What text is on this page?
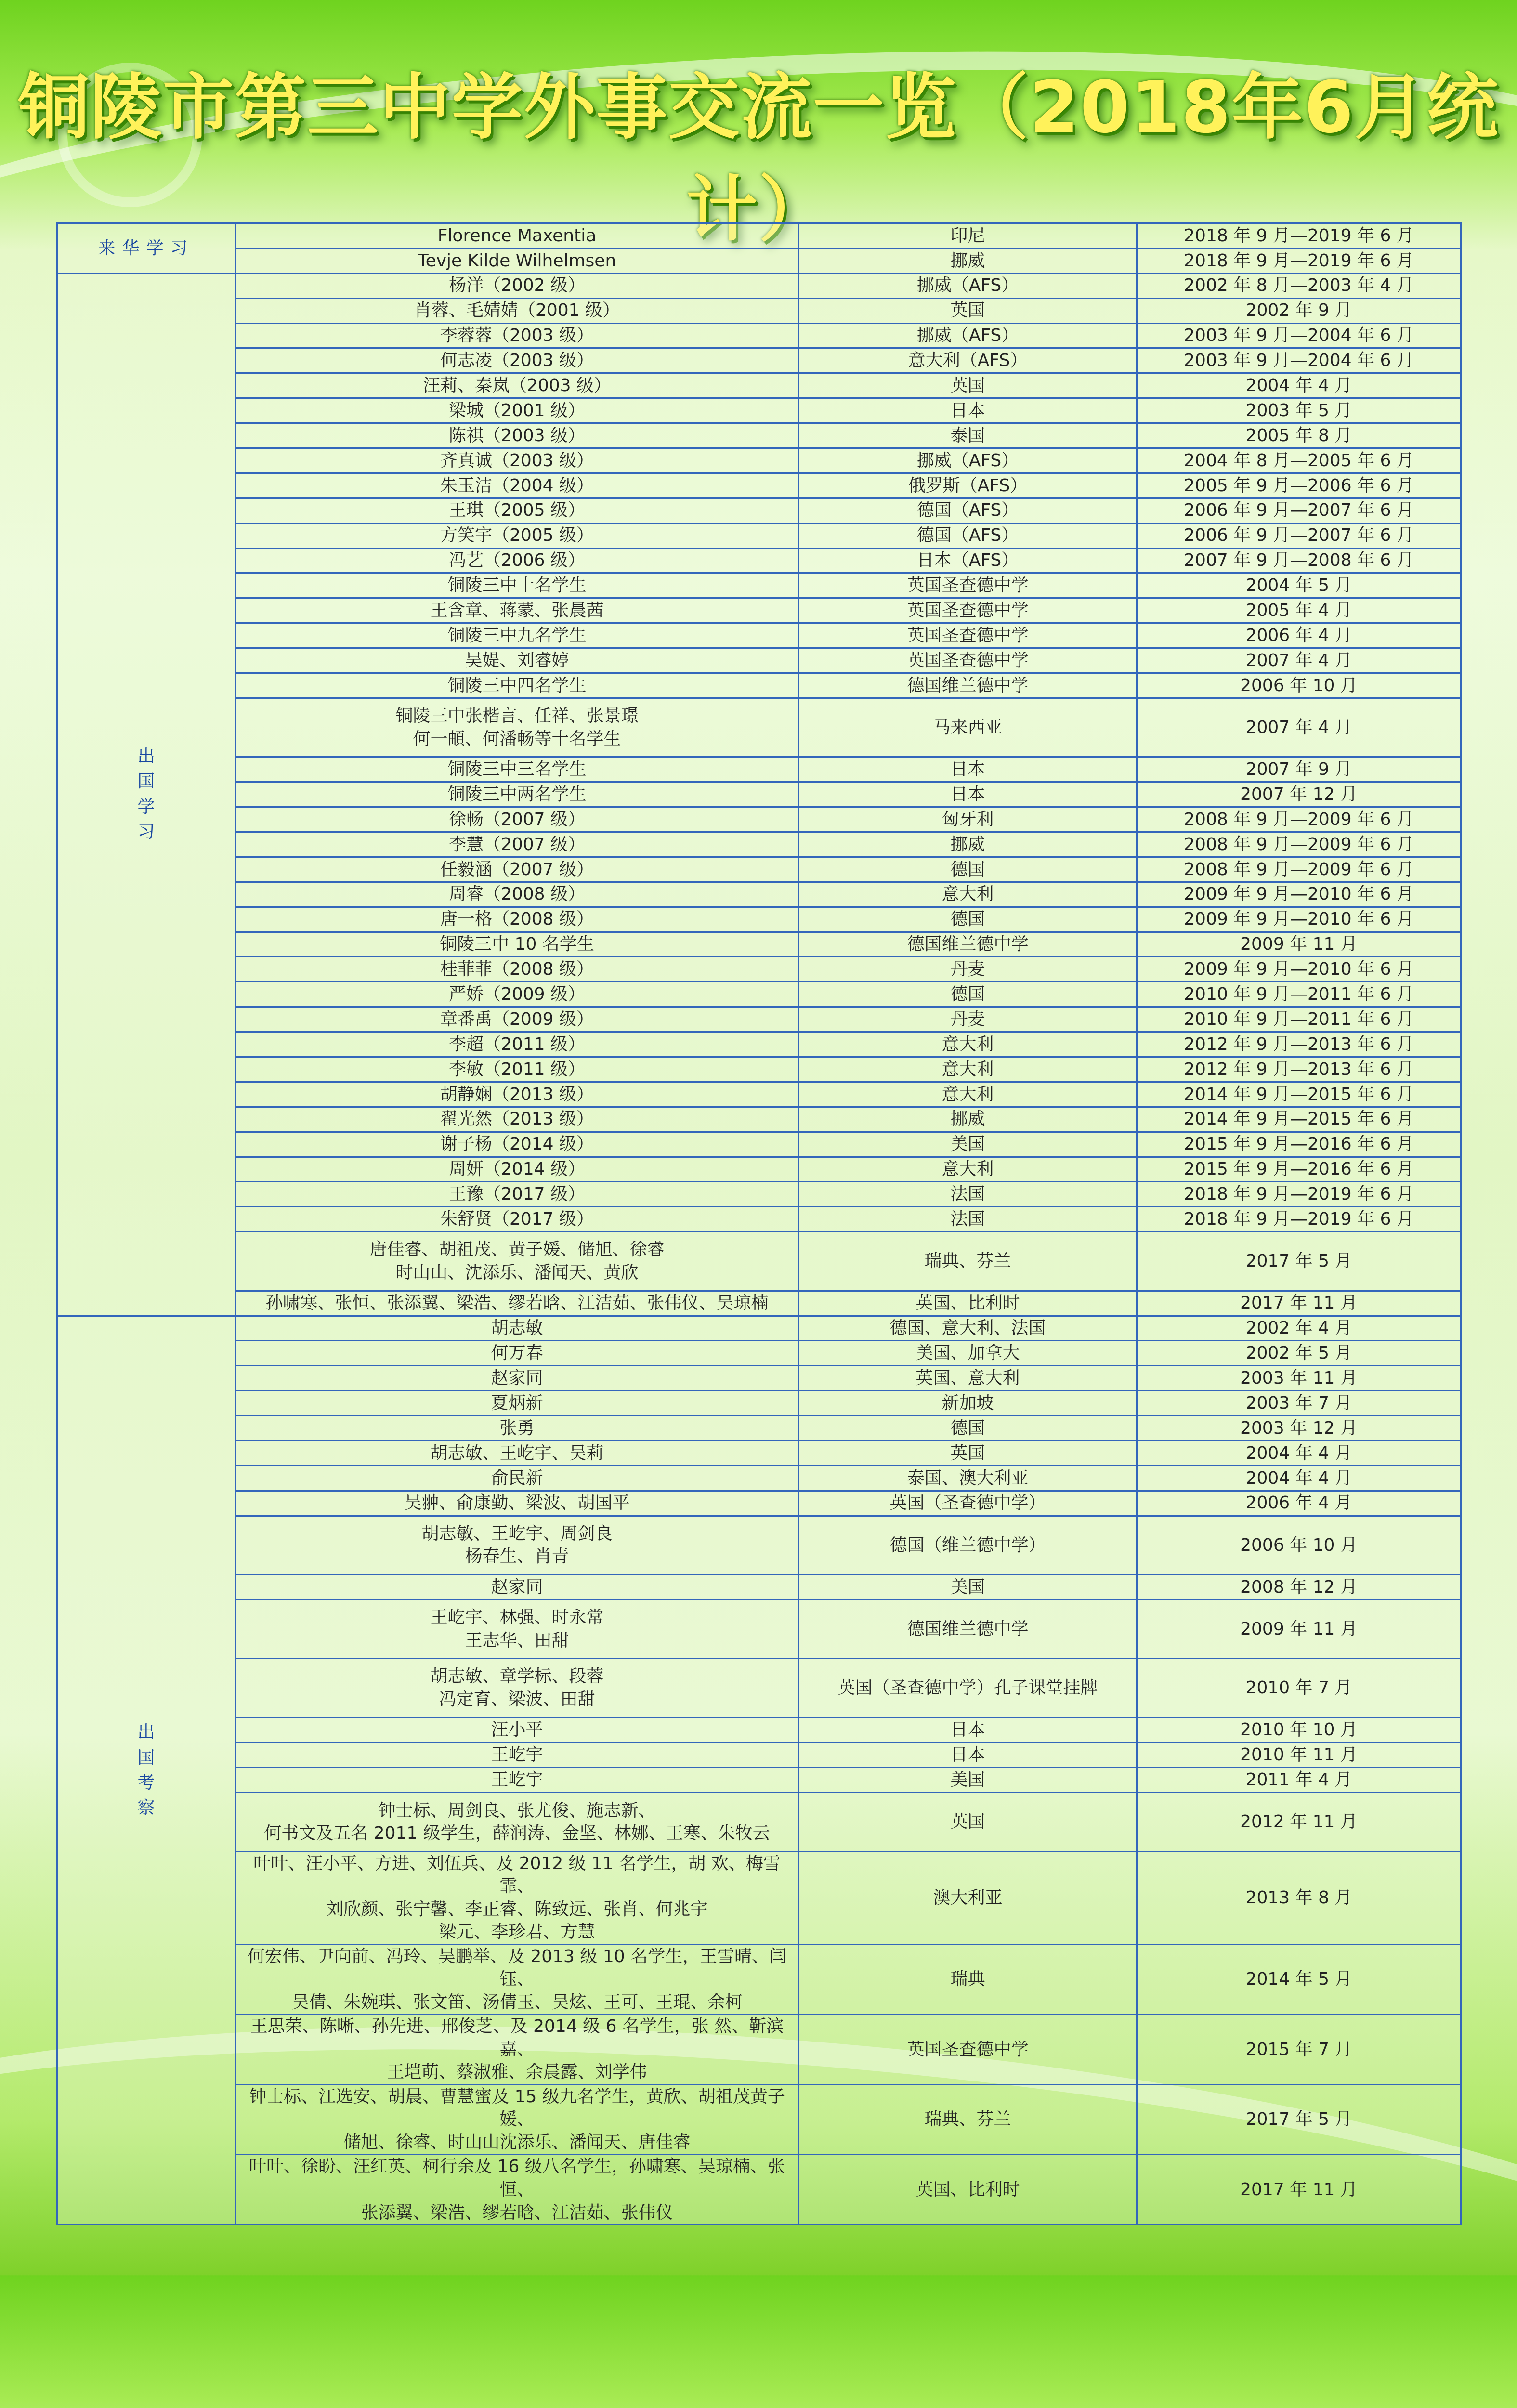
铜陵市第三中学外事交流一览（2018年6月统计）
来华学习	Florence Maxentia	印尼	2018 年 9 月—2019 年 6 月
	Tevje Kilde Wilhelmsen	挪威	2018 年 9 月—2019 年 6 月
出国学习	杨洋（2002 级）	挪威（AFS）	2002 年 8 月—2003 年 4 月
	肖蓉、毛婧婧（2001 级）	英国	2002 年 9 月
	李蓉蓉（2003 级）	挪威（AFS）	2003 年 9 月—2004 年 6 月
	何志凌（2003 级）	意大利（AFS）	2003 年 9 月—2004 年 6 月
	汪莉、秦岚（2003 级）	英国	2004 年 4 月
	梁城（2001 级）	日本	2003 年 5 月
	陈祺（2003 级）	泰国	2005 年 8 月
	齐真诚（2003 级）	挪威（AFS）	2004 年 8 月—2005 年 6 月
	朱玉洁（2004 级）	俄罗斯（AFS）	2005 年 9 月—2006 年 6 月
	王琪（2005 级）	德国（AFS）	2006 年 9 月—2007 年 6 月
	方笑宇（2005 级）	德国（AFS）	2006 年 9 月—2007 年 6 月
	冯艺（2006 级）	日本（AFS）	2007 年 9 月—2008 年 6 月
	铜陵三中十名学生	英国圣查德中学	2004 年 5 月
	王含章、蒋蒙、张晨茜	英国圣查德中学	2005 年 4 月
	铜陵三中九名学生	英国圣查德中学	2006 年 4 月
	吴媞、刘睿婷	英国圣查德中学	2007 年 4 月
	铜陵三中四名学生	德国维兰德中学	2006 年 10 月
	铜陵三中张楷言、任祥、张景璟
何一頔、何潘畅等十名学生	马来西亚	2007 年 4 月
	铜陵三中三名学生	日本	2007 年 9 月
	铜陵三中两名学生	日本	2007 年 12 月
	徐畅（2007 级）	匈牙利	2008 年 9 月—2009 年 6 月
	李慧（2007 级）	挪威	2008 年 9 月—2009 年 6 月
	任毅涵（2007 级）	德国	2008 年 9 月—2009 年 6 月
	周睿（2008 级）	意大利	2009 年 9 月—2010 年 6 月
	唐一格（2008 级）	德国	2009 年 9 月—2010 年 6 月
	铜陵三中 10 名学生	德国维兰德中学	2009 年 11 月
	桂菲菲（2008 级）	丹麦	2009 年 9 月—2010 年 6 月
	严娇（2009 级）	德国	2010 年 9 月—2011 年 6 月
	章番禹（2009 级）	丹麦	2010 年 9 月—2011 年 6 月
	李超（2011 级）	意大利	2012 年 9 月—2013 年 6 月
	李敏（2011 级）	意大利	2012 年 9 月—2013 年 6 月
	胡静娴（2013 级）	意大利	2014 年 9 月—2015 年 6 月
	翟光然（2013 级）	挪威	2014 年 9 月—2015 年 6 月
	谢子杨（2014 级）	美国	2015 年 9 月—2016 年 6 月
	周妍（2014 级）	意大利	2015 年 9 月—2016 年 6 月
	王豫（2017 级）	法国	2018 年 9 月—2019 年 6 月
	朱舒贤（2017 级）	法国	2018 年 9 月—2019 年 6 月
	唐佳睿、胡祖茂、黄子媛、储旭、徐睿
时山山、沈添乐、潘闻天、黄欣	瑞典、芬兰	2017 年 5 月
	孙啸寒、张恒、张添翼、梁浩、缪若晗、江洁茹、张伟仪、吴琼楠	英国、比利时	2017 年 11 月
出国考察	胡志敏	德国、意大利、法国	2002 年 4 月
	何万春	美国、加拿大	2002 年 5 月
	赵家同	英国、意大利	2003 年 11 月
	夏炳新	新加坡	2003 年 7 月
	张勇	德国	2003 年 12 月
	胡志敏、王屹宇、吴莉	英国	2004 年 4 月
	俞民新	泰国、澳大利亚	2004 年 4 月
	吴翀、俞康勤、梁波、胡国平	英国（圣查德中学）	2006 年 4 月
	胡志敏、王屹宇、周剑良
杨春生、肖青	德国（维兰德中学）	2006 年 10 月
	赵家同	美国	2008 年 12 月
	王屹宇、林强、时永常
王志华、田甜	德国维兰德中学	2009 年 11 月
	胡志敏、章学标、段蓉
冯定育、梁波、田甜	英国（圣查德中学）孔子课堂挂牌	2010 年 7 月
	汪小平	日本	2010 年 10 月
	王屹宇	日本	2010 年 11 月
	王屹宇	美国	2011 年 4 月
	钟士标、周剑良、张尤俊、施志新、
何书文及五名 2011 级学生，薛润涛、金坚、林娜、王寒、朱牧云	英国	2012 年 11 月
	叶叶、汪小平、方进、刘伍兵、及 2012 级 11 名学生，胡 欢、梅雪霏、
刘欣颜、张宁馨、李正睿、陈致远、张肖、何兆宇
梁元、李珍君、方慧	澳大利亚	2013 年 8 月
	何宏伟、尹向前、冯玲、吴鹏举、及 2013 级 10 名学生，王雪晴、闫钰、
吴倩、朱婉琪、张文笛、汤倩玉、吴炫、王可、王琨、余柯	瑞典	2014 年 5 月
	王思荣、陈晰、孙先进、邢俊芝、及 2014 级 6 名学生，张 然、靳滨嘉、
王垲萌、蔡淑雅、余晨露、刘学伟	英国圣查德中学	2015 年 7 月
	钟士标、江选安、胡晨、曹慧蜜及 15 级九名学生，黄欣、胡祖茂黄子媛、
储旭、徐睿、时山山沈添乐、潘闻天、唐佳睿	瑞典、芬兰	2017 年 5 月
	叶叶、徐盼、汪红英、柯行余及 16 级八名学生，孙啸寒、吴琼楠、张恒、
张添翼、梁浩、缪若晗、江洁茹、张伟仪	英国、比利时	2017 年 11 月
